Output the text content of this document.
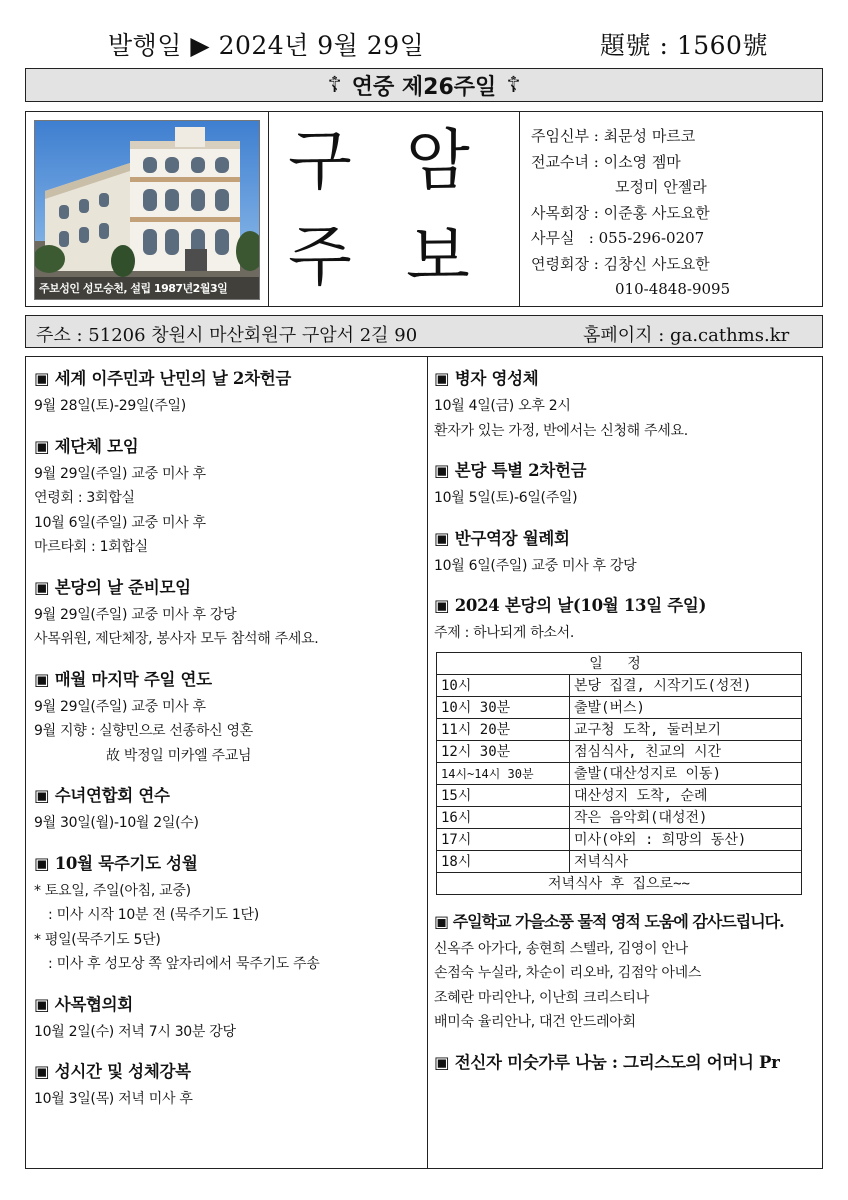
발행일 ▶ 2024년 9월 29일	題號 : 1560號
☦ 연중 제26주일 ☦
주보성인 성모승천, 설립 1987년2월3일
구 암
주 보
주임신부 :
최문성 마르코
전교수녀 :
이소영 젬마
모정미 안젤라
사목회장 :
이준홍 사도요한
사무실   :
055-296-0207
연령회장 :
김창신 사도요한
010-4848-9095
주소 : 51206 창원시 마산회원구 구암서 2길 90	홈페이지 : ga.cathms.kr
▣ 세계 이주민과 난민의 날 2차헌금
9월 28일(토)-29일(주일)
▣ 제단체 모임
9월 29일(주일) 교중 미사 후
연령회 : 3회합실
10월 6일(주일) 교중 미사 후
마르타회 : 1회합실
▣ 본당의 날 준비모임
9월 29일(주일) 교중 미사 후 강당
사목위원, 제단체장, 봉사자 모두 참석해 주세요.
▣ 매월 마지막 주일 연도
9월 29일(주일) 교중 미사 후
9월 지향 : 실향민으로 선종하신 영혼
故 박정일 미카엘 주교님
▣ 수녀연합회 연수
9월 30일(월)-10월 2일(수)
▣ 10월 묵주기도 성월
* 토요일, 주일(아침, 교중)
: 미사 시작 10분 전 (묵주기도 1단)
* 평일(묵주기도 5단)
: 미사 후 성모상 쪽 앞자리에서 묵주기도 주송
▣ 사목협의회
10월 2일(수) 저녁 7시 30분 강당
▣ 성시간 및 성체강복
10월 3일(목) 저녁 미사 후
▣ 병자 영성체
10월 4일(금) 오후 2시
환자가 있는 가정, 반에서는 신청해 주세요.
▣ 본당 특별 2차헌금
10월 5일(토)-6일(주일)
▣ 반구역장 월례회
10월 6일(주일) 교중 미사 후 강당
▣ 2024 본당의 날(10월 13일 주일)
주제 : 하나되게 하소서.
일 정	
10시	본당 집결, 시작기도(성전)
10시 30분	출발(버스)
11시 20분	교구청 도착, 둘러보기
12시 30분	점심식사, 친교의 시간
14시~14시 30분	출발(대산성지로 이동)
15시	대산성지 도착, 순례
16시	작은 음악회(대성전)
17시	미사(야외 : 희망의 동산)
18시	저녁식사
저녁식사 후 집으로~~	
▣ 주일학교 가을소풍 물적 영적 도움에 감사드립니다.
신옥주 아가다, 송현희 스텔라, 김영이 안나
손점숙 누실라, 차순이 리오바, 김점악 아네스
조혜란 마리안나, 이난희 크리스티나
배미숙 율리안나, 대건 안드레아회
▣ 전신자 미숫가루 나눔 : 그리스도의 어머니 Pr
